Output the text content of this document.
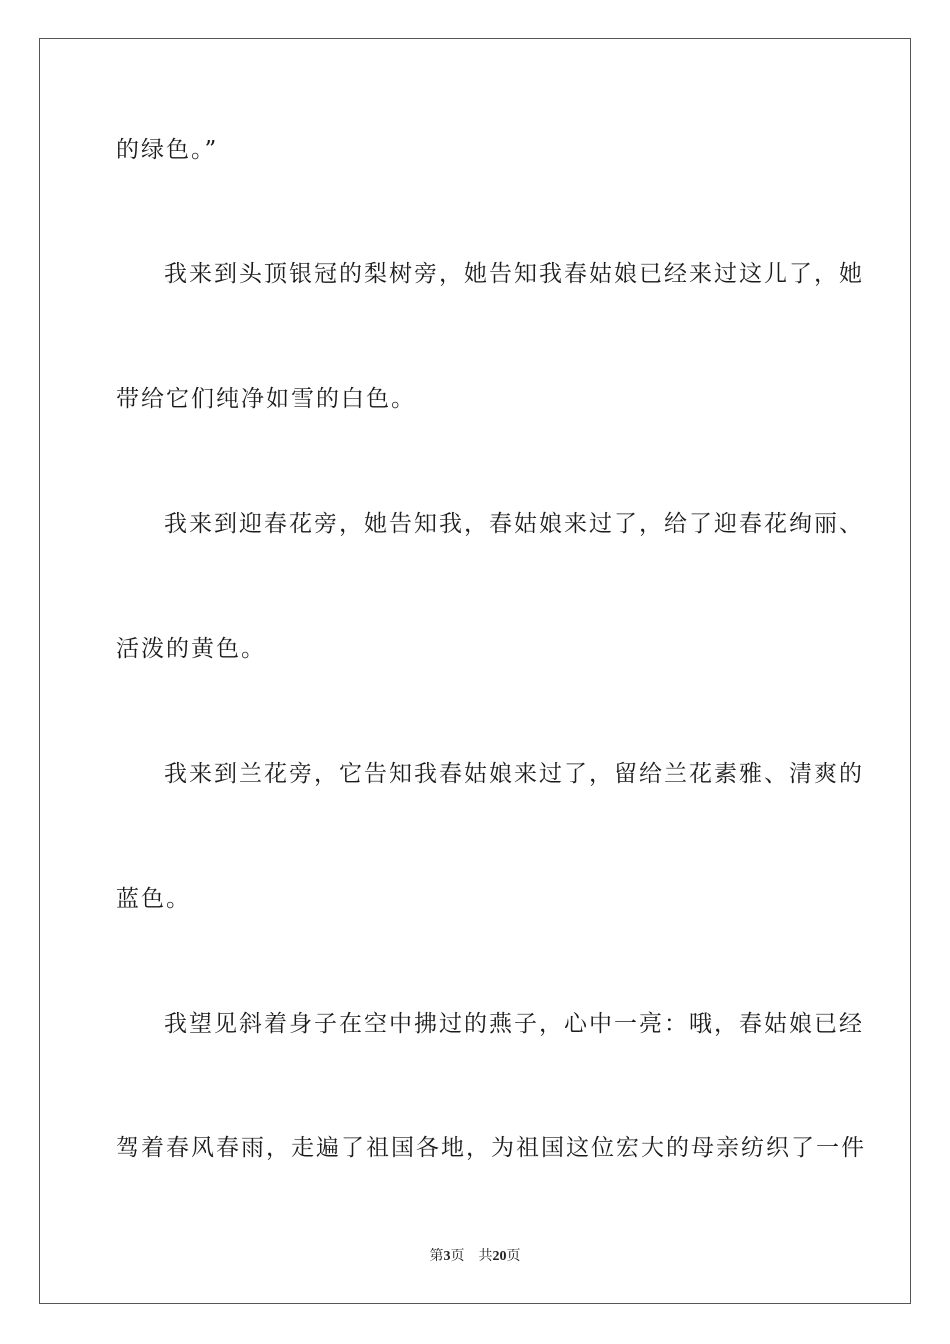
的绿色。”
我来到头顶银冠的梨树旁，她告知我春姑娘已经来过这儿了，她
带给它们纯净如雪的白色。
我来到迎春花旁，她告知我，春姑娘来过了，给了迎春花绚丽、
活泼的黄色。
我来到兰花旁，它告知我春姑娘来过了，留给兰花素雅、清爽的
蓝色。
我望见斜着身子在空中拂过的燕子，心中一亮：哦，春姑娘已经
驾着春风春雨，走遍了祖国各地，为祖国这位宏大的母亲纺织了一件
第3页 共20页
